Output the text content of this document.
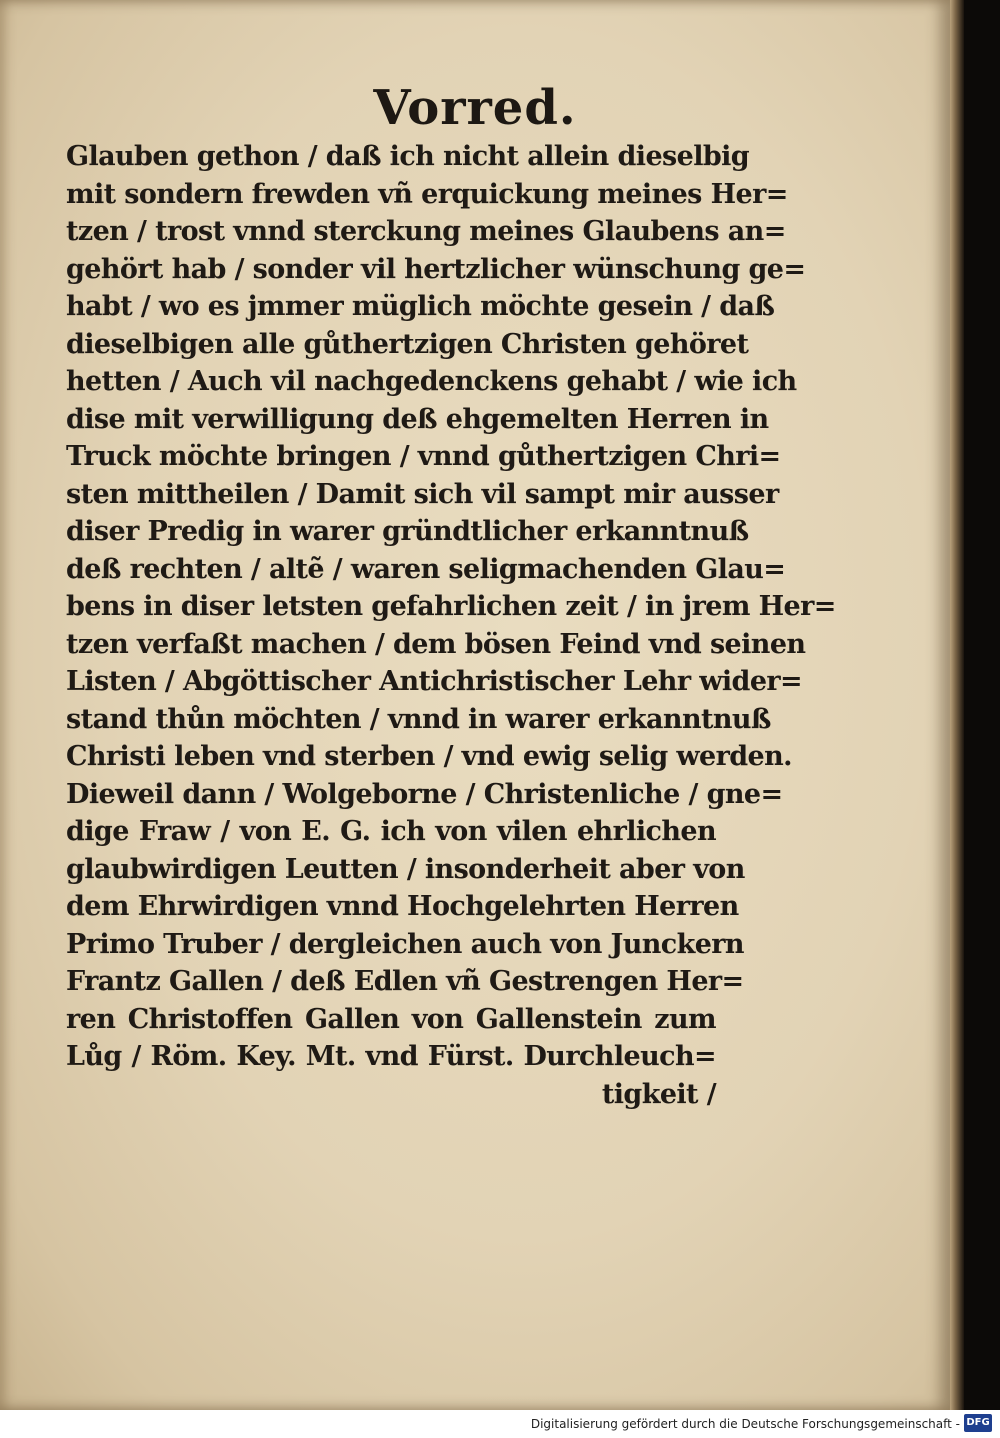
Vorred.
Glauben gethon / daß ich nicht allein dieselbig
mit sondern frewden vñ erquickung meines Her=
tzen / trost vnnd sterckung meines Glaubens an=
gehört hab / sonder vil hertzlicher wünschung ge=
habt / wo es jmmer müglich möchte gesein / daß
dieselbigen alle gůthertzigen Christen gehöret
hetten / Auch vil nachgedenckens gehabt / wie ich
dise mit verwilligung deß ehgemelten Herren in
Truck möchte bringen / vnnd gůthertzigen Chri=
sten mittheilen / Damit sich vil sampt mir ausser
diser Predig in warer gründtlicher erkanntnuß
deß rechten / altẽ / waren seligmachenden Glau=
bens in diser letsten gefahrlichen zeit / in jrem Her=
tzen verfaßt machen / dem bösen Feind vnd seinen
Listen / Abgöttischer Antichristischer Lehr wider=
stand thůn möchten / vnnd in warer erkanntnuß
Christi leben vnd sterben / vnd ewig selig werden.
Dieweil dann / Wolgeborne / Christenliche / gne=
dige Fraw / von E. G. ich von vilen ehrlichen
glaubwirdigen Leutten / insonderheit aber von
dem Ehrwirdigen vnnd Hochgelehrten Herren
Primo Truber / dergleichen auch von Junckern
Frantz Gallen / deß Edlen vñ Gestrengen Her=
ren Christoffen Gallen von Gallenstein zum
Lůg / Röm. Key. Mt. vnd Fürst. Durchleuch=
tigkeit /
Digitalisierung gefördert durch die Deutsche Forschungsgemeinschaft - DFG
